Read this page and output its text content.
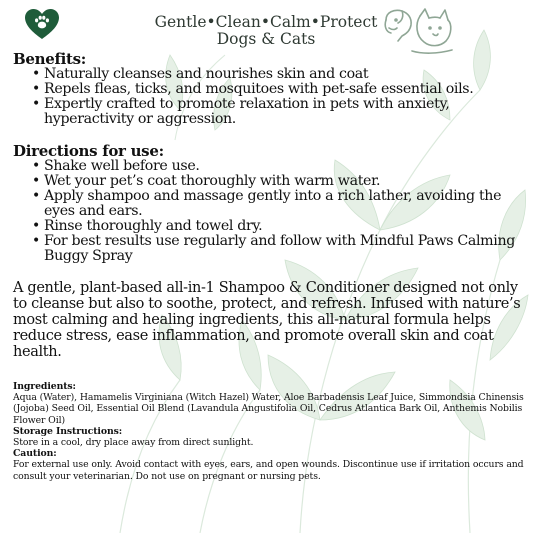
Gentle•Clean•Calm•Protect
Dogs & Cats
Benefits:
• Naturally cleanses and nourishes skin and coat
• Repels fleas, ticks, and mosquitoes with pet-safe essential oils.
• Expertly crafted to promote relaxation in pets with anxiety, hyperactivity or aggression.
Directions for use:
• Shake well before use.
• Wet your pet’s coat thoroughly with warm water.
• Apply shampoo and massage gently into a rich lather, avoiding the eyes and ears.
• Rinse thoroughly and towel dry.
• For best results use regularly and follow with Mindful Paws Calming Buggy Spray

A gentle, plant-based all-in-1 Shampoo & Conditioner designed not only to cleanse but also to soothe, protect, and refresh. Infused with nature’s most calming and healing ingredients, this all-natural formula helps reduce stress, ease inflammation, and promote overall skin and coat health.

Ingredients:
Aqua (Water), Hamamelis Virginiana (Witch Hazel) Water, Aloe Barbadensis Leaf Juice, Simmondsia Chinensis (Jojoba) Seed Oil, Essential Oil Blend (Lavandula Angustifolia Oil, Cedrus Atlantica Bark Oil, Anthemis Nobilis Flower Oil)
Storage Instructions:
Store in a cool, dry place away from direct sunlight.
Caution:
For external use only. Avoid contact with eyes, ears, and open wounds. Discontinue use if irritation occurs and consult your veterinarian. Do not use on pregnant or nursing pets.
